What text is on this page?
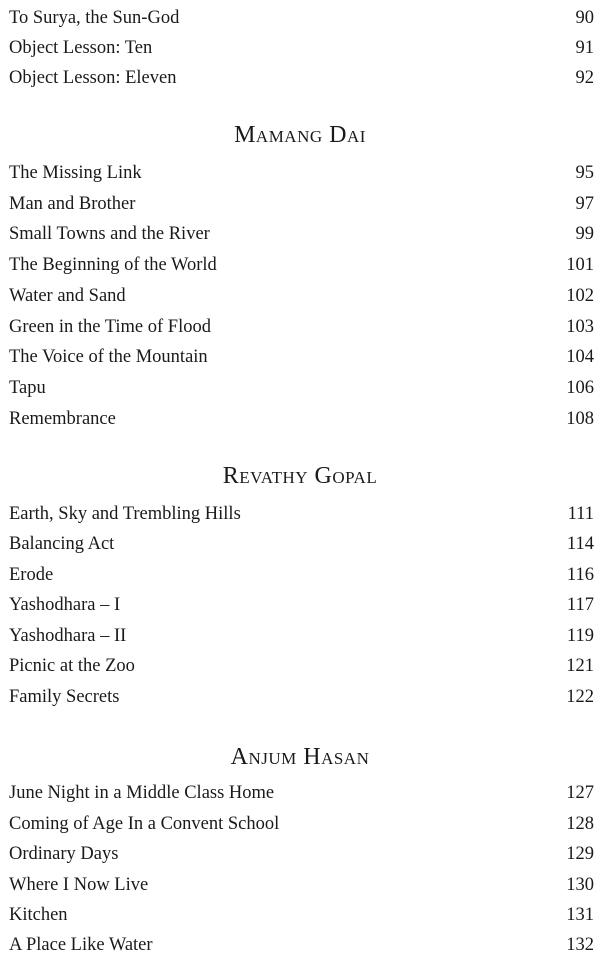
To Surya, the Sun-God	90
Object Lesson: Ten	91
Object Lesson: Eleven	92
Mamang Dai
The Missing Link	95
Man and Brother	97
Small Towns and the River	99
The Beginning of the World	101
Water and Sand	102
Green in the Time of Flood	103
The Voice of the Mountain	104
Tapu	106
Remembrance	108
Revathy Gopal
Earth, Sky and Trembling Hills	111
Balancing Act	114
Erode	116
Yashodhara – I	117
Yashodhara – II	119
Picnic at the Zoo	121
Family Secrets	122
Anjum Hasan
June Night in a Middle Class Home	127
Coming of Age In a Convent School	128
Ordinary Days	129
Where I Now Live	130
Kitchen	131
A Place Like Water	132
